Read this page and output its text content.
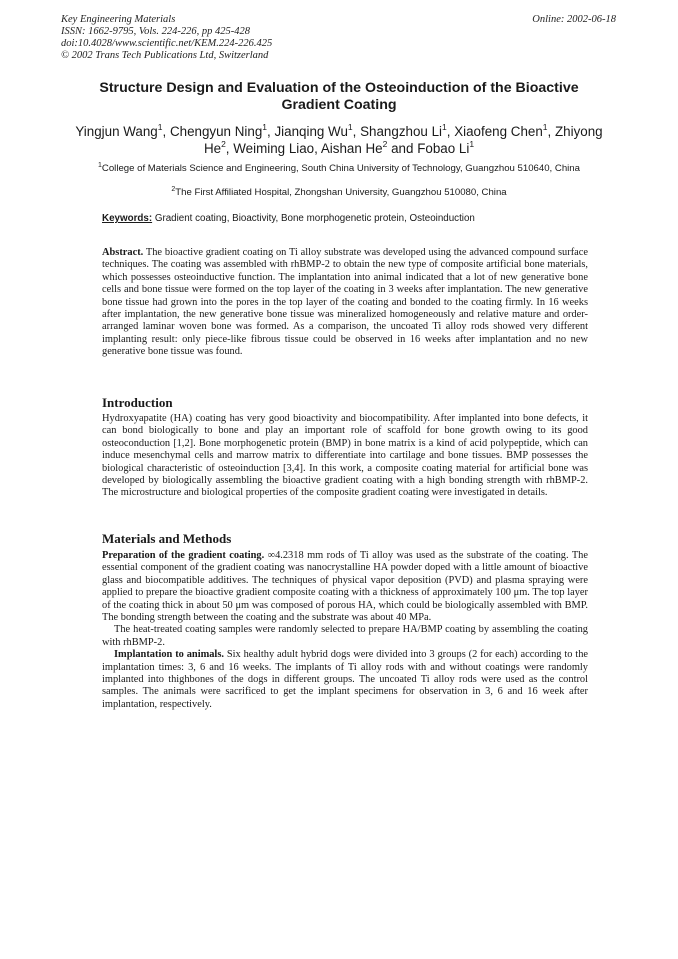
Key Engineering Materials
ISSN: 1662-9795, Vols. 224-226, pp 425-428
doi:10.4028/www.scientific.net/KEM.224-226.425
© 2002 Trans Tech Publications Ltd, Switzerland
Online: 2002-06-18
Structure Design and Evaluation of the Osteoinduction of the Bioactive Gradient Coating
Yingjun Wang$^1$, Chengyun Ning$^1$, Jianqing Wu$^1$, Shangzhou Li$^1$, Xiaofeng Chen$^1$, Zhiyong He$^2$, Weiming Liao, Aishan He$^2$ and Fobao Li$^1$
$^1$College of Materials Science and Engineering, South China University of Technology, Guangzhou 510640, China
$^2$The First Affiliated Hospital, Zhongshan University, Guangzhou 510080, China
Keywords: Gradient coating, Bioactivity, Bone morphogenetic protein, Osteoinduction

Abstract. The bioactive gradient coating on Ti alloy substrate was developed using the advanced compound surface techniques. The coating was assembled with rhBMP-2 to obtain the new type of composite artificial bone materials, which possesses osteoinductive function. The implantation into animal indicated that a lot of new generative bone cells and bone tissue were formed on the top layer of the coating in 3 weeks after implantation. The new generative bone tissue had grown into the pores in the top layer of the coating and bonded to the coating firmly. In 16 weeks after implantation, the new generative bone tissue was mineralized homogeneously and relative mature and order-arranged laminar woven bone was formed. As a comparison, the uncoated Ti alloy rods showed very different implanting result: only piece-like fibrous tissue could be observed in 16 weeks after implantation and no new generative bone tissue was found.

Introduction

Hydroxyapatite (HA) coating has very good bioactivity and biocompatibility. After implanted into bone defects, it can bond biologically to bone and play an important role of scaffold for bone growth owing to its good osteoconduction [1,2]. Bone morphogenetic protein (BMP) in bone matrix is a kind of acid polypeptide, which can induce mesenchymal cells and marrow matrix to differentiate into cartilage and bone tissues. BMP possesses the biological characteristic of osteoinduction [3,4]. In this work, a composite coating material for artificial bone was developed by biologically assembling the bioactive gradient coating with a high bonding strength with rhBMP-2. The microstructure and biological properties of the composite gradient coating were investigated in details.

Materials and Methods

Preparation of the gradient coating. ∞4.2318 mm rods of Ti alloy was used as the substrate of the coating. The essential component of the gradient coating was nanocrystalline HA powder doped with a little amount of bioactive glass and biocompatible additives. The techniques of physical vapor deposition (PVD) and plasma spraying were applied to prepare the bioactive gradient composite coating with a thickness of approximately 100 μm. The top layer of the coating thick in about 50 μm was composed of porous HA, which could be biologically assembled with BMP. The bonding strength between the coating and the substrate was about 40 MPa.

The heat-treated coating samples were randomly selected to prepare HA/BMP coating by assembling the coating with rhBMP-2.

Implantation to animals. Six healthy adult hybrid dogs were divided into 3 groups (2 for each) according to the implantation times: 3, 6 and 16 weeks. The implants of Ti alloy rods with and without coatings were randomly implanted into thighbones of the dogs in different groups. The uncoated Ti alloy rods were used as the control samples. The animals were sacrificed to get the implant specimens for observation in 3, 6 and 16 week after implantation, respectively.
